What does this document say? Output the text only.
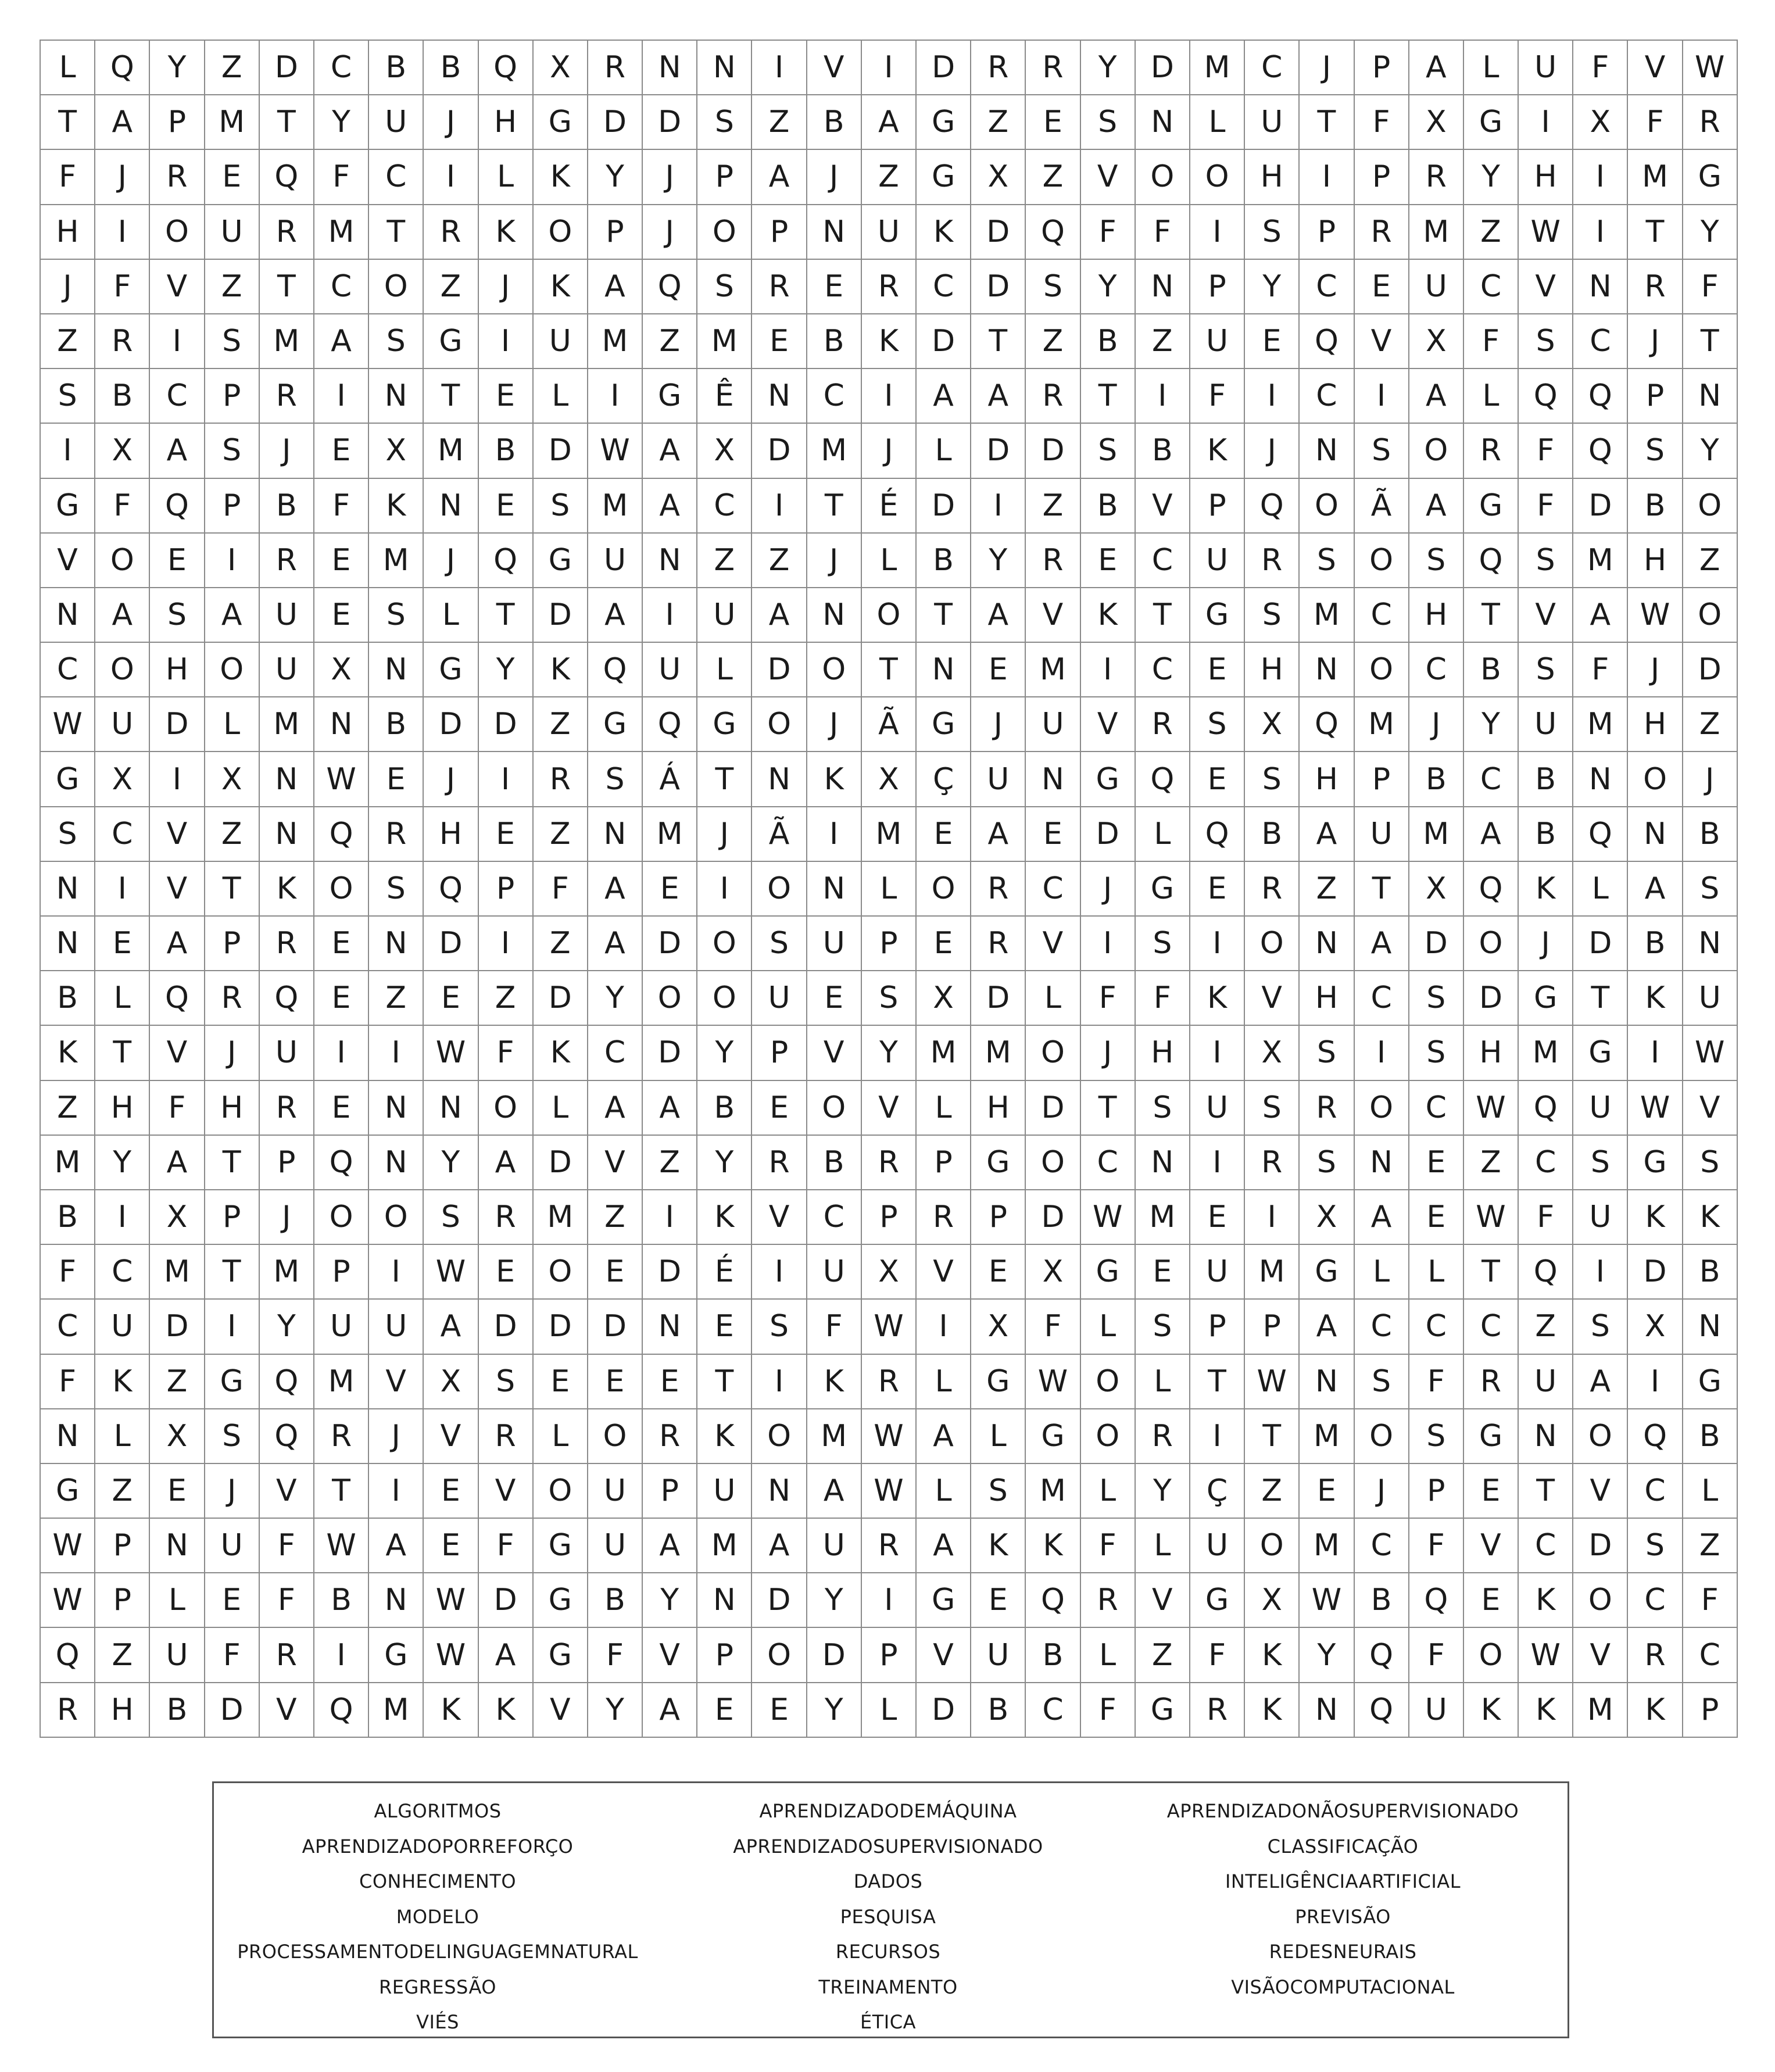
L	Q	Y	Z	D	C	B	B	Q	X	R	N	N	I	V	I	D	R	R	Y	D M	C	J	P	A	L	U	F	V W
T	A	P	M	T	Y	U	J	H	G	D	D	S	Z	B	A	G	Z	E	S	N	L	U	T	F	X	G	I	X	F	R
F	J	R	E	Q	F	C	I	L	K	Y	J	P	A	J	Z	G	X	Z	V	O	O	H	I	P	R	Y	H	I	M G
H	I	O	U	R	M	T	R	K	O	P	J	O	P	N	U	K	D	Q	F	F	I	S	P	R	M	Z W	I	T	Y
J	F	V	Z	T	C	O	Z	J	K	A	Q	S	R	E	R	C	D	S	Y	N	P	Y	C	E	U	C	V	N	R	F
Z	R	I	S	M	A	S	G	I	U	M	Z	M	E	B	K	D	T	Z	B	Z	U	E	Q	V	X	F	S	C	J	T
S	B	C	P	R	I	N	T	E	L	I	G	Ê	N	C	I	A	A	R	T	I	F	I	C	I	A	L	Q	Q	P	N
I	X	A	S	J	E	X	M	B	D W A	X	D M	J	L	D	D	S	B	K	J	N	S	O	R	F	Q	S	Y
G	F	Q	P	B	F	K	N	E	S	M	A	C	I	T	É	D	I	Z	B	V	P	Q	O	Ã	A	G	F	D	B	O
V	O	E	I	R	E	M	J	Q	G	U	N	Z	Z	J	L	B	Y	R	E	C	U	R	S	O	S	Q	S	M	H	Z
N	A	S	A	U	E	S	L	T	D	A	I	U	A	N	O	T	A	V	K	T	G	S	M	C	H	T	V	A W O
C	O	H	O	U	X	N	G	Y	K	Q	U	L	D	O	T	N	E	M	I	C	E	H	N	O	C	B	S	F	J	D
W U	D	L	M	N	B	D	D	Z	G	Q	G	O	J	Ã	G	J	U	V	R	S	X	Q M	J	Y	U	M	H	Z
G	X	I	X	N W	E	J	I	R	S	Á	T	N	K	X	Ç	U	N	G	Q	E	S	H	P	B	C	B	N	O	J
S	C	V	Z	N	Q	R	H	E	Z	N	M	J	Ã	I	M	E	A	E	D	L	Q	B	A	U	M	A	B	Q	N	B
N	I	V	T	K	O	S	Q	P	F	A	E	I	O	N	L	O	R	C	J	G	E	R	Z	T	X	Q	K	L	A	S
N	E	A	P	R	E	N	D	I	Z	A	D	O	S	U	P	E	R	V	I	S	I	O	N	A	D	O	J	D	B	N
B	L	Q	R	Q	E	Z	E	Z	D	Y	O	O	U	E	S	X	D	L	F	F	K	V	H	C	S	D	G	T	K	U
K	T	V	J	U	I	I	W	F	K	C	D	Y	P	V	Y	M M O	J	H	I	X	S	I	S	H	M G	I	W
Z	H	F	H	R	E	N	N	O	L	A	A	B	E	O	V	L	H	D	T	S	U	S	R	O	C W Q	U W V
M	Y	A	T	P	Q	N	Y	A	D	V	Z	Y	R	B	R	P	G	O	C	N	I	R	S	N	E	Z	C	S	G	S
B	I	X	P	J	O	O	S	R	M	Z	I	K	V	C	P	R	P	D W M	E	I	X	A	E	W	F	U	K	K
F	C	M	T	M	P	I	W	E	O	E	D	É	I	U	X	V	E	X	G	E	U	M G	L	L	T	Q	I	D	B
C	U	D	I	Y	U	U	A	D	D	D	N	E	S	F	W	I	X	F	L	S	P	P	A	C	C	C	Z	S	X	N
F	K	Z	G	Q M	V	X	S	E	E	E	T	I	K	R	L	G W O	L	T	W N	S	F	R	U	A	I	G
N	L	X	S	Q	R	J	V	R	L	O	R	K	O M W A	L	G	O	R	I	T	M O	S	G	N	O	Q	B
G	Z	E	J	V	T	I	E	V	O	U	P	U	N	A W	L	S	M	L	Y	Ç	Z	E	J	P	E	T	V	C	L
W	P	N	U	F	W A	E	F	G	U	A	M	A	U	R	A	K	K	F	L	U	O M	C	F	V	C	D	S	Z
W	P	L	E	F	B	N W D	G	B	Y	N	D	Y	I	G	E	Q	R	V	G	X W B	Q	E	K	O	C	F
Q	Z	U	F	R	I	G W A	G	F	V	P	O	D	P	V	U	B	L	Z	F	K	Y	Q	F	O W V	R	C
R	H	B	D	V	Q M	K	K	V	Y	A	E	E	Y	L	D	B	C	F	G	R	K	N	Q	U	K	K	M	K	P
ALGORITMOS
APRENDIZADOPORREFORÇO
CONHECIMENTO
MODELO
PROCESSAMENTODELINGUAGEMNATURAL
REGRESSÃO
VIÉS
APRENDIZADODEMÁQUINA
APRENDIZADOSUPERVISIONADO
DADOS
PESQUISA
RECURSOS
TREINAMENTO
ÉTICA
APRENDIZADONÃOSUPERVISIONADO
CLASSIFICAÇÃO
INTELIGÊNCIAARTIFICIAL
PREVISÃO
REDESNEURAIS
VISÃOCOMPUTACIONAL
